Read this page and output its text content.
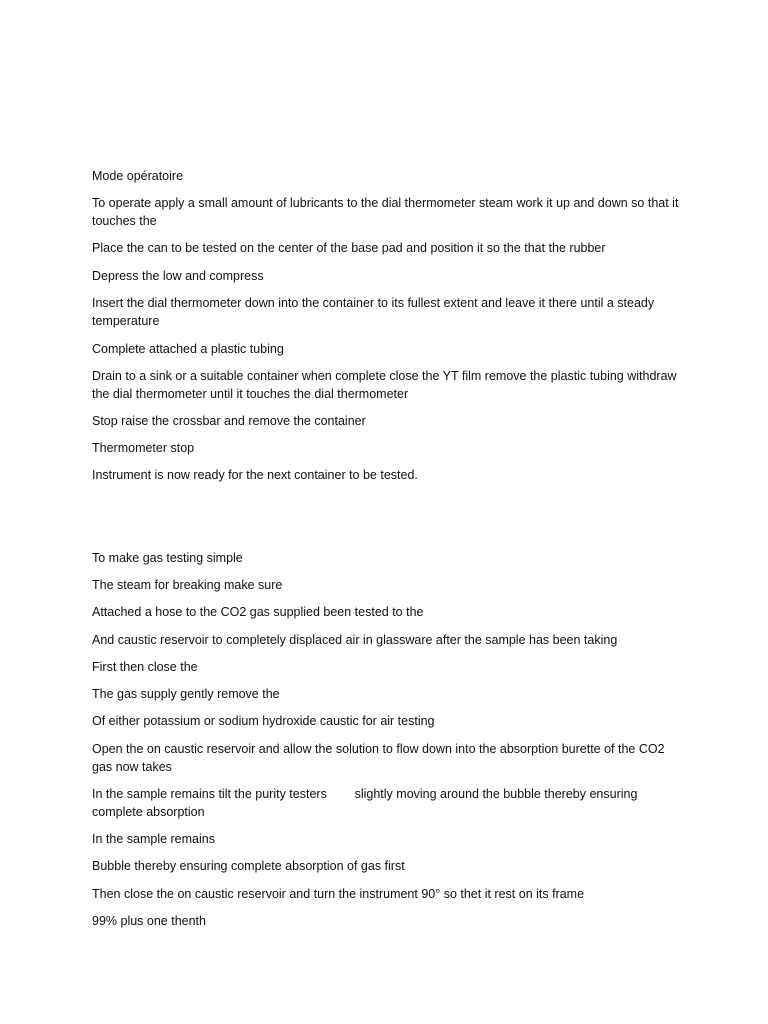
Mode opératoire

To operate apply a small amount of lubricants to the dial thermometer steam work it up and down so that it touches the

Place the can to be tested on the center of the base pad and position it so the that the rubber

Depress the low and compress

Insert the dial thermometer down into the container to its fullest extent and leave it there until a steady temperature

Complete attached a plastic tubing

Drain to a sink or a suitable container when complete close the YT film remove the plastic tubing withdraw the dial thermometer until it touches the dial thermometer

Stop raise the crossbar and remove the container

Thermometer stop

Instrument is now ready for the next container to be tested.

To make gas testing simple

The steam for breaking make sure

Attached a hose to the CO2 gas supplied been tested to the

And caustic reservoir to completely displaced air in glassware after the sample has been taking

First then close the

The gas supply gently remove the

Of either potassium or sodium hydroxide caustic for air testing

Open the on caustic reservoir and allow the solution to flow down into the absorption burette of the CO2 gas now takes

In the sample remains tilt the purity testers        slightly moving around the bubble thereby ensuring complete absorption

In the sample remains

Bubble thereby ensuring complete absorption of gas first

Then close the on caustic reservoir and turn the instrument 90° so thet it rest on its frame

99% plus one thenth
